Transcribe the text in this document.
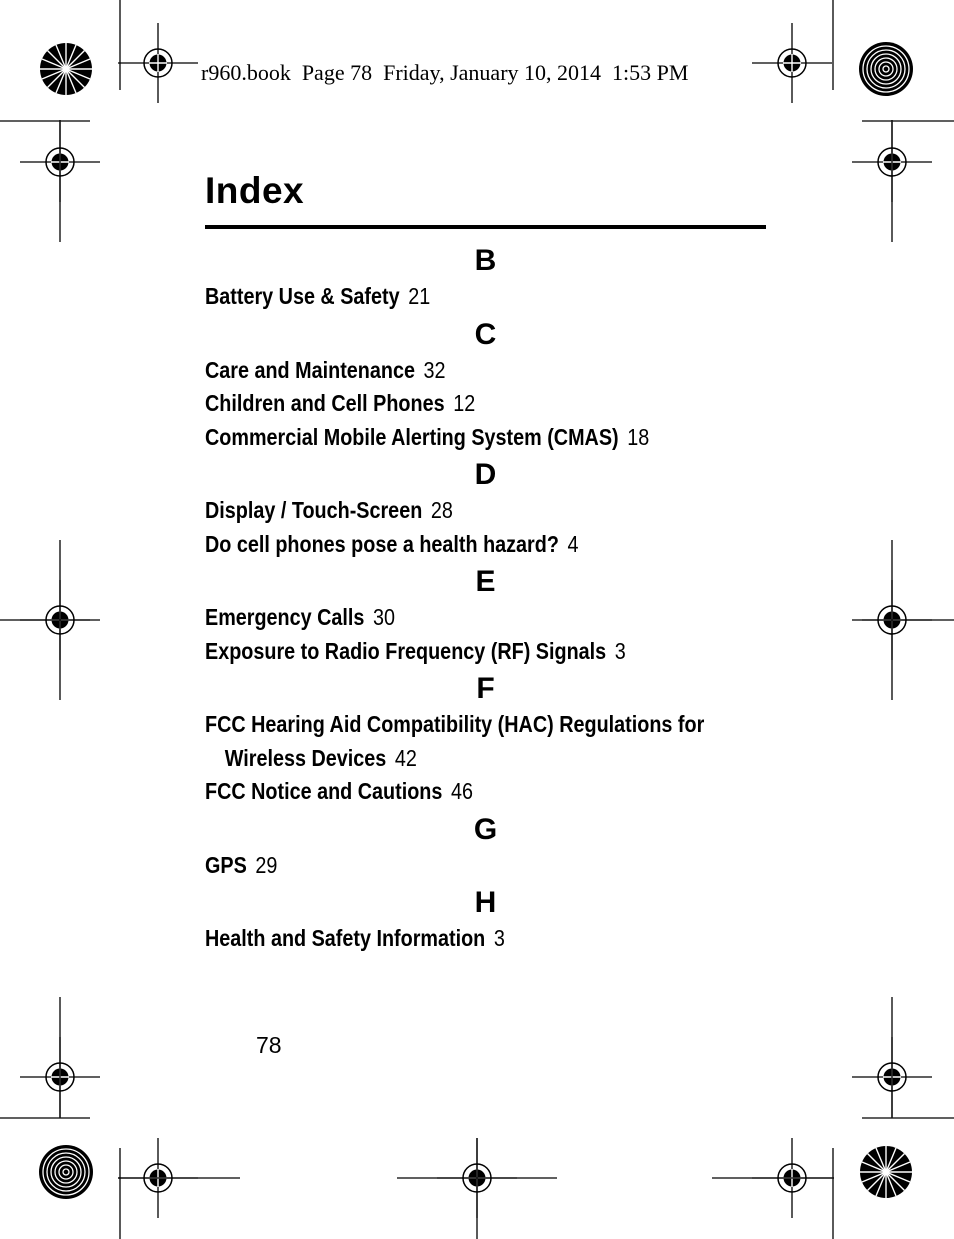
r960.book  Page 78  Friday, January 10, 2014  1:53 PM
Index
B
Battery Use & Safety 21
C
Care and Maintenance 32
Children and Cell Phones 12
Commercial Mobile Alerting System (CMAS) 18
D
Display / Touch-Screen 28
Do cell phones pose a health hazard? 4
E
Emergency Calls 30
Exposure to Radio Frequency (RF) Signals 3
F
FCC Hearing Aid Compatibility (HAC) Regulations for
Wireless Devices 42
FCC Notice and Cautions 46
G
GPS 29
H
Health and Safety Information 3
78
